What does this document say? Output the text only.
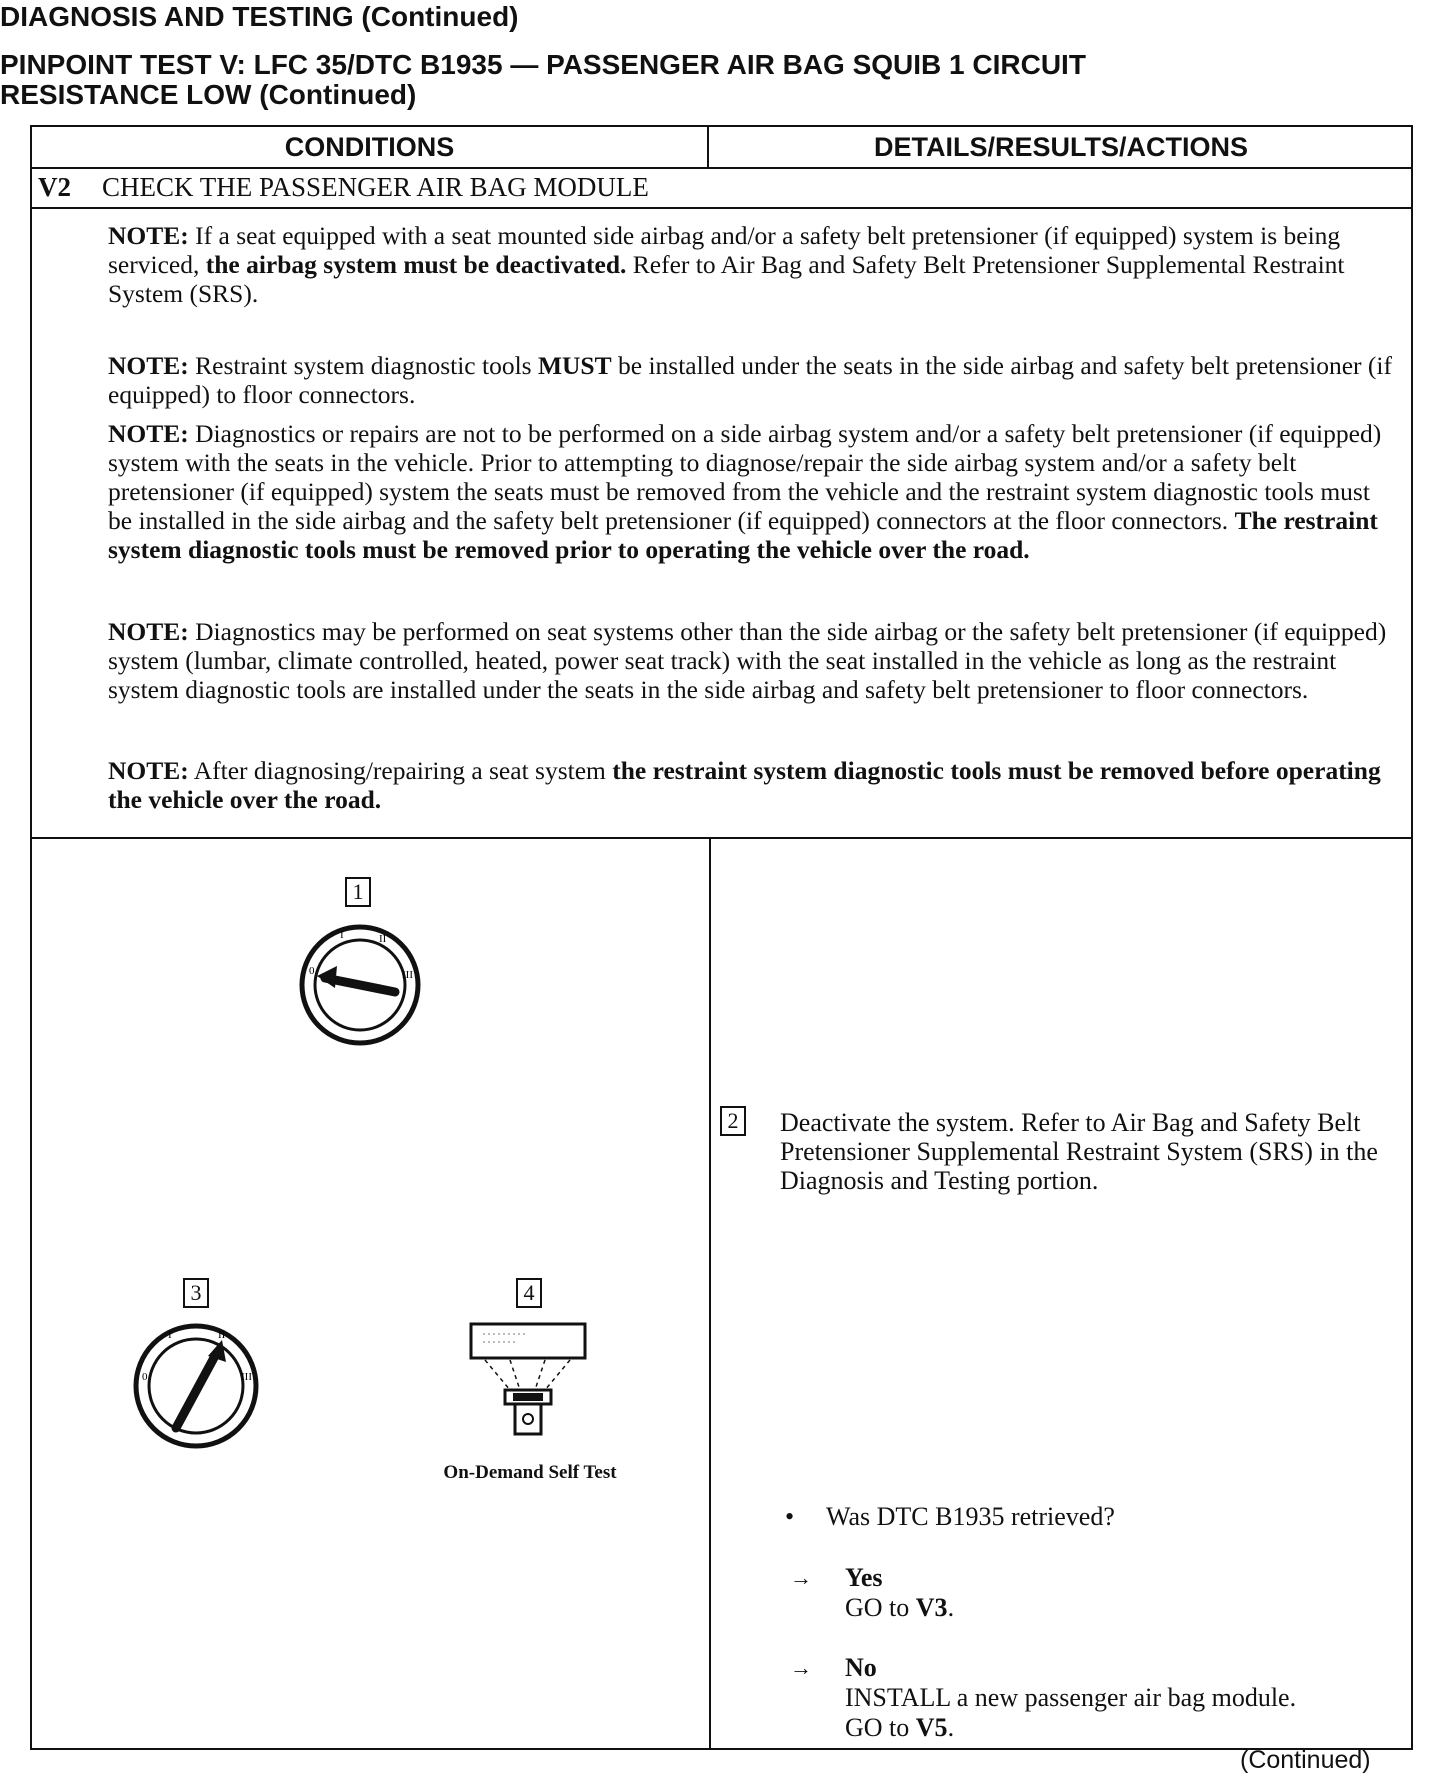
DIAGNOSIS AND TESTING (Continued)
PINPOINT TEST V: LFC 35/DTC B1935 — PASSENGER AIR BAG SQUIB 1 CIRCUIT
RESISTANCE LOW (Continued)
CONDITIONS	DETAILS/RESULTS/ACTIONS
V2 CHECK THE PASSENGER AIR BAG MODULE
NOTE: If a seat equipped with a seat mounted side airbag and/or a safety belt pretensioner (if equipped) system is being serviced, the airbag system must be deactivated. Refer to Air Bag and Safety Belt Pretensioner Supplemental Restraint System (SRS).
NOTE: Restraint system diagnostic tools MUST be installed under the seats in the side airbag and safety belt pretensioner (if equipped) to floor connectors.
NOTE: Diagnostics or repairs are not to be performed on a side airbag system and/or a safety belt pretensioner (if equipped) system with the seats in the vehicle. Prior to attempting to diagnose/repair the side airbag system and/or a safety belt pretensioner (if equipped) system the seats must be removed from the vehicle and the restraint system diagnostic tools must be installed in the side airbag and the safety belt pretensioner (if equipped) connectors at the floor connectors. The restraint system diagnostic tools must be removed prior to operating the vehicle over the road.
NOTE: Diagnostics may be performed on seat systems other than the side airbag or the safety belt pretensioner (if equipped) system (lumbar, climate controlled, heated, power seat track) with the seat installed in the vehicle as long as the restraint system diagnostic tools are installed under the seats in the side airbag and safety belt pretensioner to floor connectors.
NOTE: After diagnosing/repairing a seat system the restraint system diagnostic tools must be removed before operating the vehicle over the road.
1
0
I	II
III
3
0
I	II
III
4
On-Demand Self Test
2 Deactivate the system. Refer to Air Bag and Safety Belt Pretensioner Supplemental Restraint System (SRS) in the Diagnosis and Testing portion.
• Was DTC B1935 retrieved?
→ Yes
GO to V3.
→ No
INSTALL a new passenger air bag module.
GO to V5.
(Continued)
